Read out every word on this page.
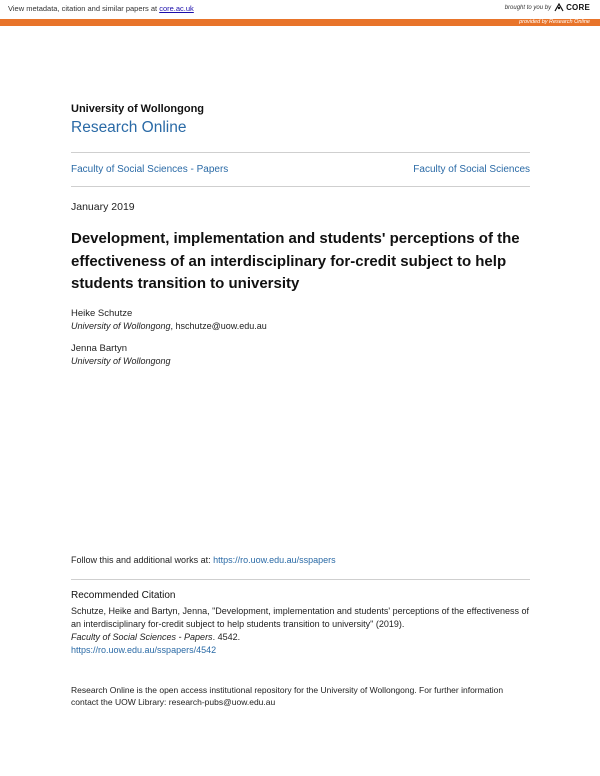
View metadata, citation and similar papers at core.ac.uk	brought to you by CORE
provided by Research Online
University of Wollongong
Research Online
Faculty of Social Sciences - Papers	Faculty of Social Sciences
January 2019
Development, implementation and students' perceptions of the effectiveness of an interdisciplinary for-credit subject to help students transition to university
Heike Schutze
University of Wollongong, hschutze@uow.edu.au
Jenna Bartyn
University of Wollongong
Follow this and additional works at: https://ro.uow.edu.au/sspapers
Recommended Citation
Schutze, Heike and Bartyn, Jenna, "Development, implementation and students' perceptions of the effectiveness of an interdisciplinary for-credit subject to help students transition to university" (2019).
Faculty of Social Sciences - Papers. 4542.
https://ro.uow.edu.au/sspapers/4542
Research Online is the open access institutional repository for the University of Wollongong. For further information contact the UOW Library: research-pubs@uow.edu.au
